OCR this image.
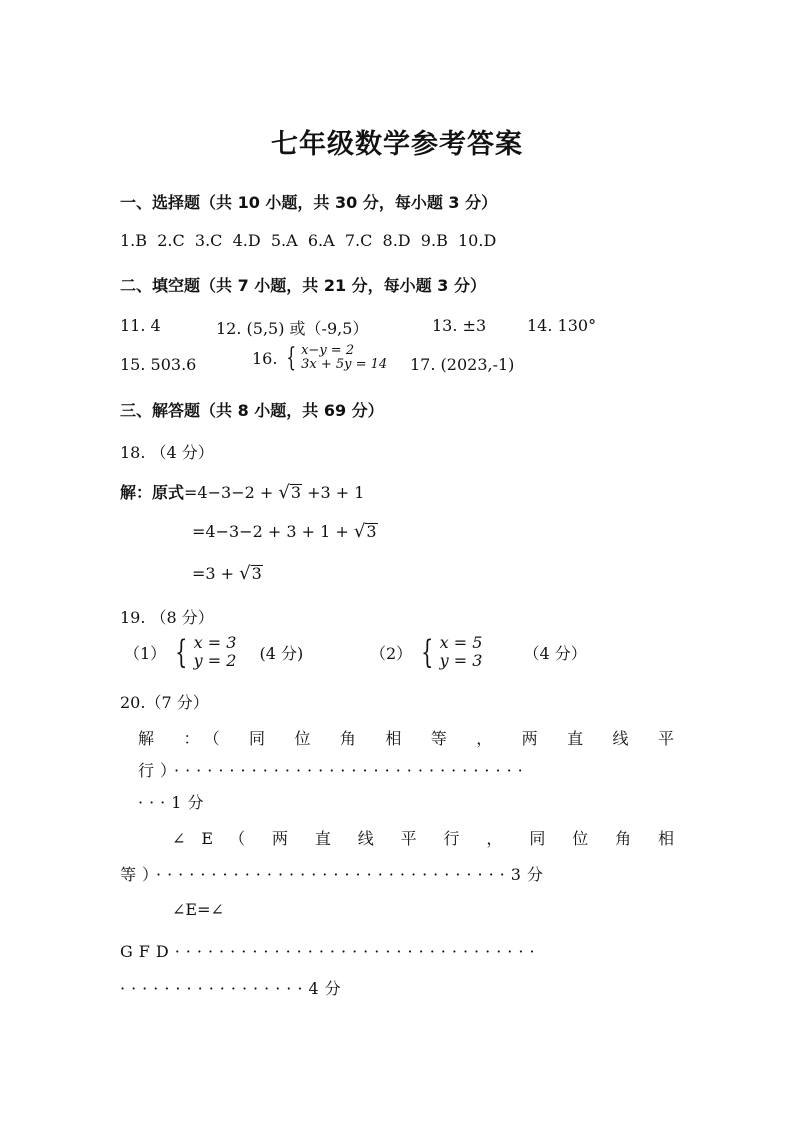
七年级数学参考答案
一、选择题（共 10 小题，共 30 分，每小题 3 分）
1.B 2.C 3.C 4.D 5.A 6.A 7.C 8.D 9.B 10.D
二、填空题（共 7 小题，共 21 分，每小题 3 分）
11. 4	12. (5,5) 或（-9,5）	13. ±3	14. 130°
15. 503.6	16. { x−y = 2
3x + 5y = 14 17. (2023,-1)
三、解答题（共 8 小题，共 69 分）
18. （4 分）
解：原式=4−3−2 + √ 3 +3 + 1
=4−3−2 + 3 + 1 + √ 3
=3 + √ 3
19. （8 分）
（1） { x = 3
y = 2 (4 分)	（2） { x = 5
y = 3	（4 分）
20.（7 分）
解 ：（ 同 位 角 相 等 ， 两 直 线 平
行）································
···1分
∠ E （ 两 直 线 平 行 ， 同 位 角 相
等）································3分
∠E=∠
GFD·································
·················4分
